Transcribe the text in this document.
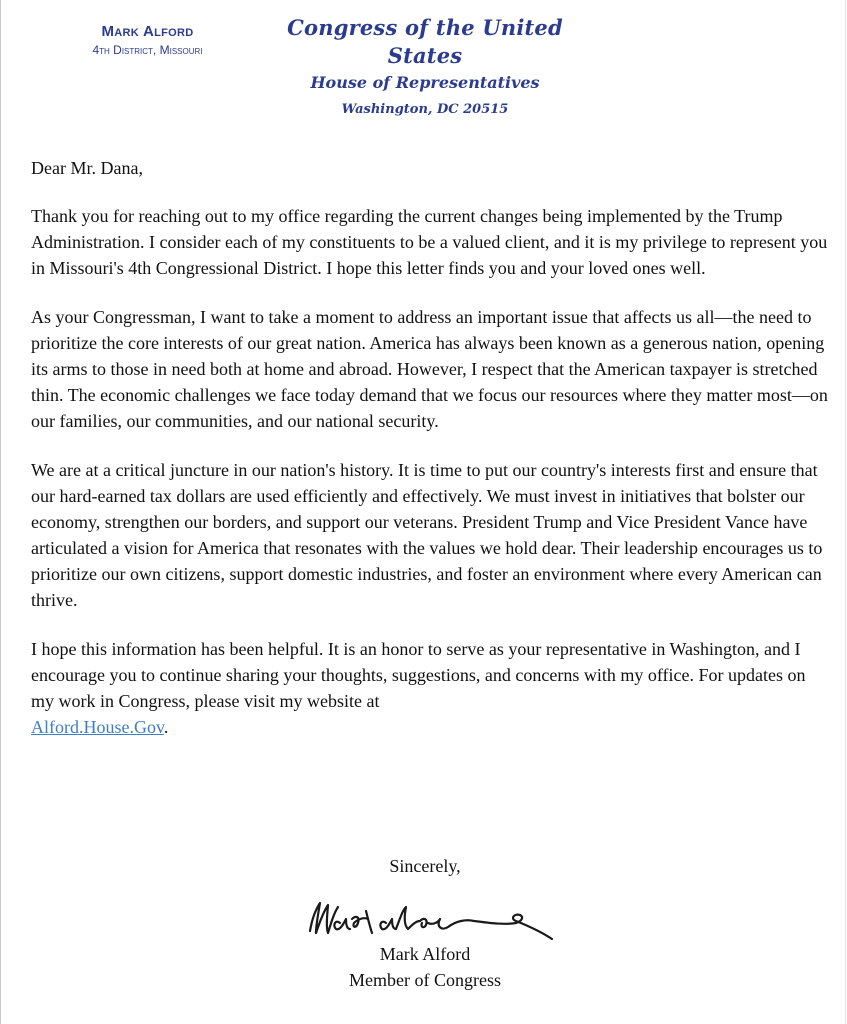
Mark Alford
4th District, Missouri
Congress of the United States
House of Representatives
Washington, DC 20515

Dear Mr. Dana,

Thank you for reaching out to my office regarding the current changes being implemented by the Trump Administration. I consider each of my constituents to be a valued client, and it is my privilege to represent you in Missouri's 4th Congressional District. I hope this letter finds you and your loved ones well.

As your Congressman, I want to take a moment to address an important issue that affects us all—the need to prioritize the core interests of our great nation. America has always been known as a generous nation, opening its arms to those in need both at home and abroad. However, I respect that the American taxpayer is stretched thin. The economic challenges we face today demand that we focus our resources where they matter most—on our families, our communities, and our national security.

We are at a critical juncture in our nation's history. It is time to put our country's interests first and ensure that our hard-earned tax dollars are used efficiently and effectively. We must invest in initiatives that bolster our economy, strengthen our borders, and support our veterans. President Trump and Vice President Vance have articulated a vision for America that resonates with the values we hold dear. Their leadership encourages us to prioritize our own citizens, support domestic industries, and foster an environment where every American can thrive.

I hope this information has been helpful. It is an honor to serve as your representative in Washington, and I encourage you to continue sharing your thoughts, suggestions, and concerns with my office. For updates on my work in Congress, please visit my website at
Alford.House.Gov.

Sincerely,
Mark Alford
Member of Congress
